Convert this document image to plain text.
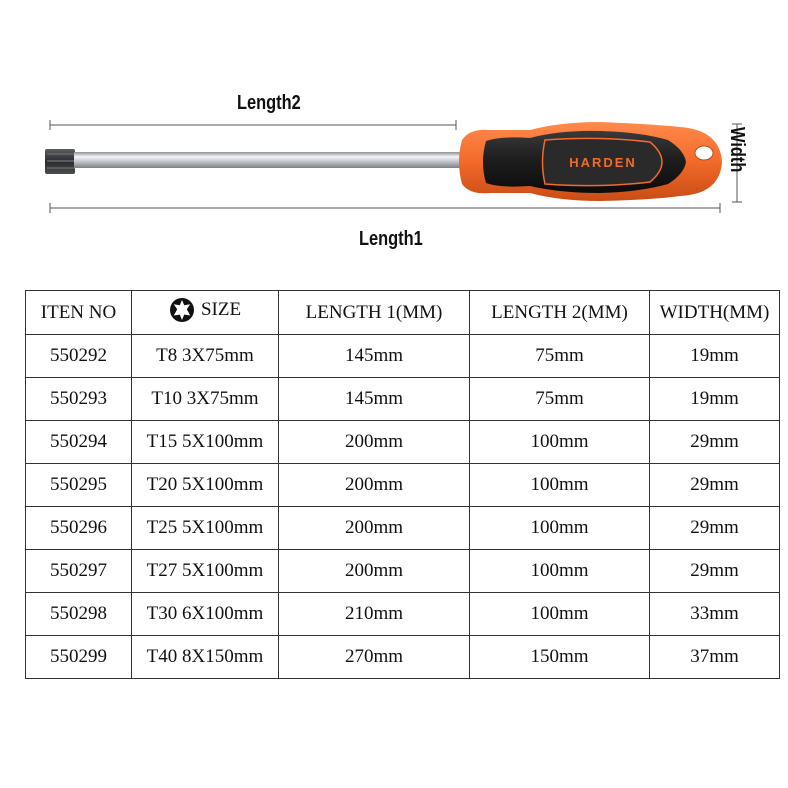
HARDEN
Length2
Length1
Width
ITEN NO	SIZE	LENGTH 1(MM)	LENGTH 2(MM)	WIDTH(MM)
550292	T8 3X75mm	145mm	75mm	19mm
550293	T10 3X75mm	145mm	75mm	19mm
550294	T15 5X100mm	200mm	100mm	29mm
550295	T20 5X100mm	200mm	100mm	29mm
550296	T25 5X100mm	200mm	100mm	29mm
550297	T27 5X100mm	200mm	100mm	29mm
550298	T30 6X100mm	210mm	100mm	33mm
550299	T40 8X150mm	270mm	150mm	37mm
